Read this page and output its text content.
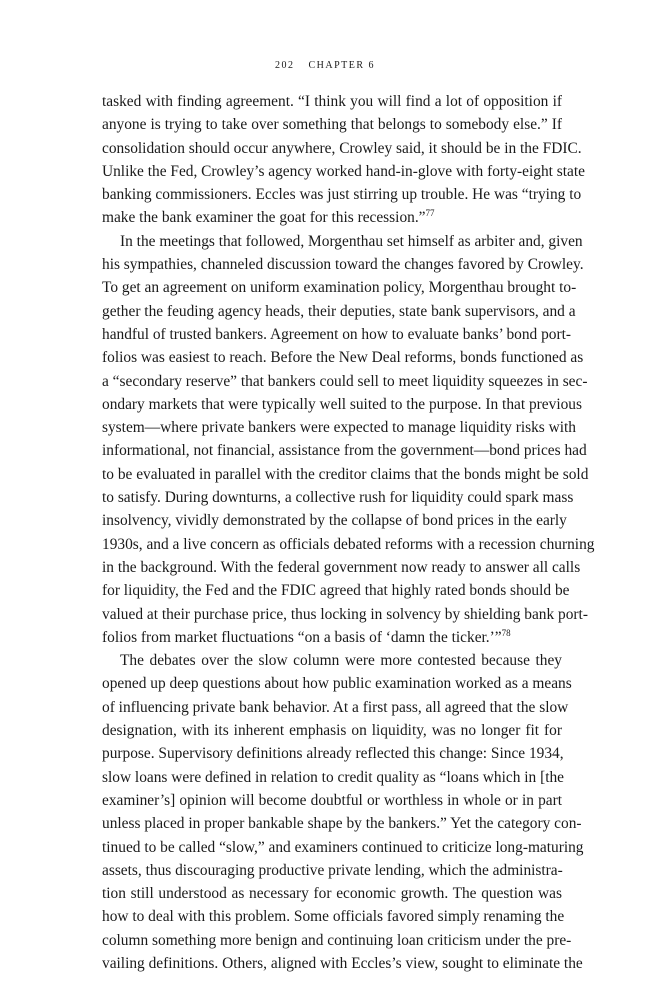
202 CHAPTER 6
tasked with finding agreement. “I think you will find a lot of opposition if
anyone is trying to take over something that belongs to somebody else.” If
consolidation should occur anywhere, Crowley said, it should be in the FDIC.
Unlike the Fed, Crowley’s agency worked hand-in-glove with forty-eight state
banking commissioners. Eccles was just stirring up trouble. He was “trying to
make the bank examiner the goat for this recession.”$^{77}$
In the meetings that followed, Morgenthau set himself as arbiter and, given
his sympathies, channeled discussion toward the changes favored by Crowley.
To get an agreement on uniform examination policy, Morgenthau brought to-
gether the feuding agency heads, their deputies, state bank supervisors, and a
handful of trusted bankers. Agreement on how to evaluate banks’ bond port-
folios was easiest to reach. Before the New Deal reforms, bonds functioned as
a “secondary reserve” that bankers could sell to meet liquidity squeezes in sec-
ondary markets that were typically well suited to the purpose. In that previous
system—where private bankers were expected to manage liquidity risks with
informational, not financial, assistance from the government—bond prices had
to be evaluated in parallel with the creditor claims that the bonds might be sold
to satisfy. During downturns, a collective rush for liquidity could spark mass
insolvency, vividly demonstrated by the collapse of bond prices in the early
1930s, and a live concern as officials debated reforms with a recession churning
in the background. With the federal government now ready to answer all calls
for liquidity, the Fed and the FDIC agreed that highly rated bonds should be
valued at their purchase price, thus locking in solvency by shielding bank port-
folios from market fluctuations “on a basis of ‘damn the ticker.’”$^{78}$
The debates over the slow column were more contested because they
opened up deep questions about how public examination worked as a means
of influencing private bank behavior. At a first pass, all agreed that the slow
designation, with its inherent emphasis on liquidity, was no longer fit for
purpose. Supervisory definitions already reflected this change: Since 1934,
slow loans were defined in relation to credit quality as “loans which in [the
examiner’s] opinion will become doubtful or worthless in whole or in part
unless placed in proper bankable shape by the bankers.” Yet the category con-
tinued to be called “slow,” and examiners continued to criticize long-maturing
assets, thus discouraging productive private lending, which the administra-
tion still understood as necessary for economic growth. The question was
how to deal with this problem. Some officials favored simply renaming the
column something more benign and continuing loan criticism under the pre-
vailing definitions. Others, aligned with Eccles’s view, sought to eliminate the
